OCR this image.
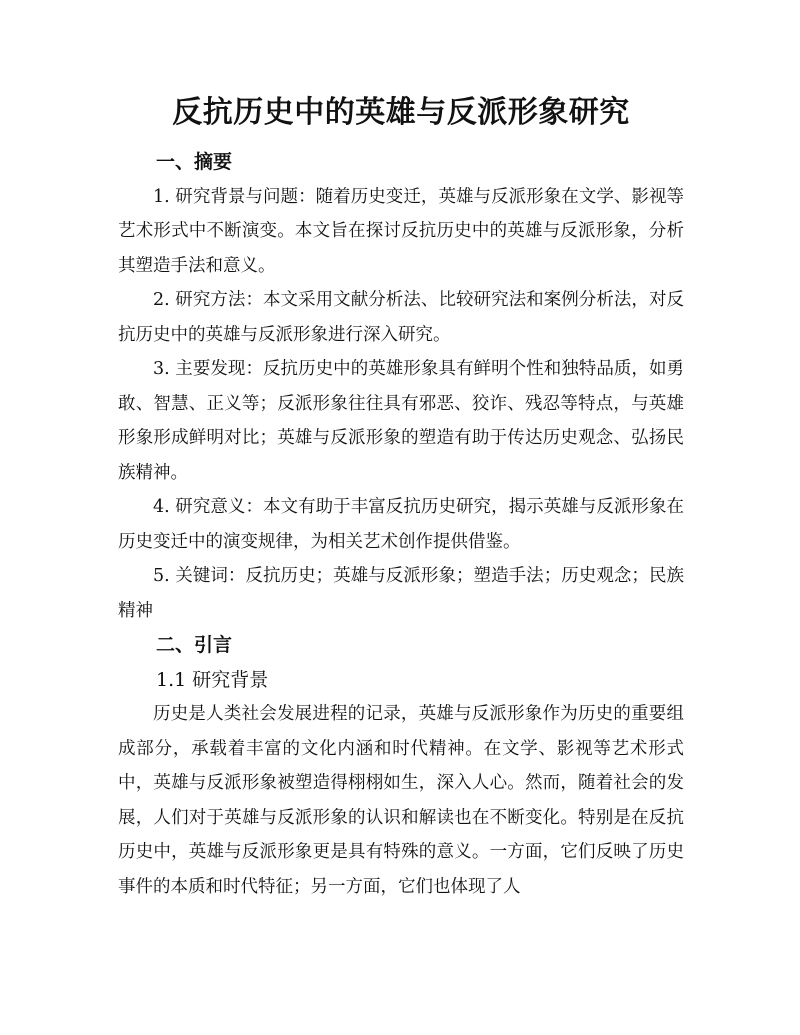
反抗历史中的英雄与反派形象研究
一、摘要

1. 研究背景与问题：随着历史变迁，英雄与反派形象在文学、影视等艺术形式中不断演变。本文旨在探讨反抗历史中的英雄与反派形象，分析其塑造手法和意义。

2. 研究方法：本文采用文献分析法、比较研究法和案例分析法，对反抗历史中的英雄与反派形象进行深入研究。

3. 主要发现：反抗历史中的英雄形象具有鲜明个性和独特品质，如勇敢、智慧、正义等；反派形象往往具有邪恶、狡诈、残忍等特点，与英雄形象形成鲜明对比；英雄与反派形象的塑造有助于传达历史观念、弘扬民族精神。

4. 研究意义：本文有助于丰富反抗历史研究，揭示英雄与反派形象在历史变迁中的演变规律，为相关艺术创作提供借鉴。

5. 关键词：反抗历史；英雄与反派形象；塑造手法；历史观念；民族精神

二、引言
1.1 研究背景

历史是人类社会发展进程的记录，英雄与反派形象作为历史的重要组成部分，承载着丰富的文化内涵和时代精神。在文学、影视等艺术形式中，英雄与反派形象被塑造得栩栩如生，深入人心。然而，随着社会的发展，人们对于英雄与反派形象的认识和解读也在不断变化。特别是在反抗历史中，英雄与反派形象更是具有特殊的意义。一方面，它们反映了历史事件的本质和时代特征；另一方面，它们也体现了人
